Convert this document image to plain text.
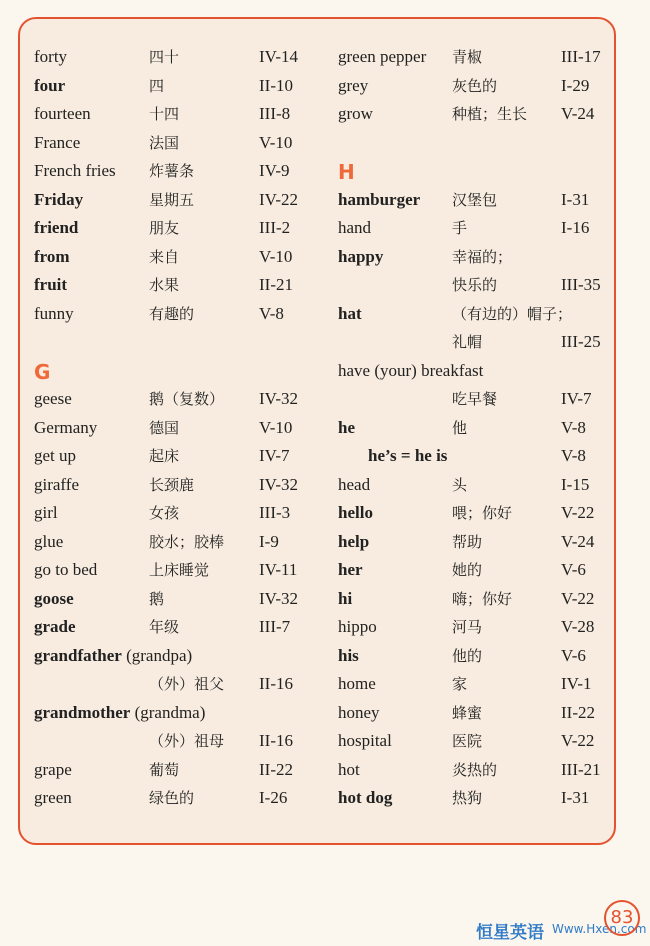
forty	四十	IV-14
four	四	II-10
fourteen	十四	III-8
France	法国	V-10
French fries 炸薯条	IV-9
Friday	星期五	IV-22
friend	朋友	III-2
from	来自	V-10
fruit	水果	II-21
funny	有趣的	V-8
G
geese	鹅（复数） IV-32
Germany	德国	V-10
get up	起床	IV-7
giraffe	长颈鹿	IV-32
girl	女孩	III-3
glue	胶水；胶棒 I-9
go to bed	上床睡觉	IV-11
goose	鹅	IV-32
grade	年级	III-7
grandfather (grandpa)
（外）祖父 II-16
grandmother (grandma)
（外）祖母 II-16
grape	葡萄	II-22
green	绿色的	I-26
green pepper 青椒	III-17
grey	灰色的	I-29
grow	种植；生长 V-24
H
hamburger 汉堡包	I-31
hand	手	I-16
happy	幸福的；
快乐的	III-35
hat	（有边的）帽子；
礼帽	III-25
have (your) breakfast
吃早餐	IV-7
he	他	V-8
he’s = he is	V-8
head	头	I-15
hello	喂；你好	V-22
help	帮助	V-24
her	她的	V-6
hi	嗨；你好	V-22
hippo	河马	V-28
his	他的	V-6
home	家	IV-1
honey	蜂蜜	II-22
hospital	医院	V-22
hot	炎热的	III-21
hot dog	热狗	I-31
恒星英语 Www.Hxen.com
83
